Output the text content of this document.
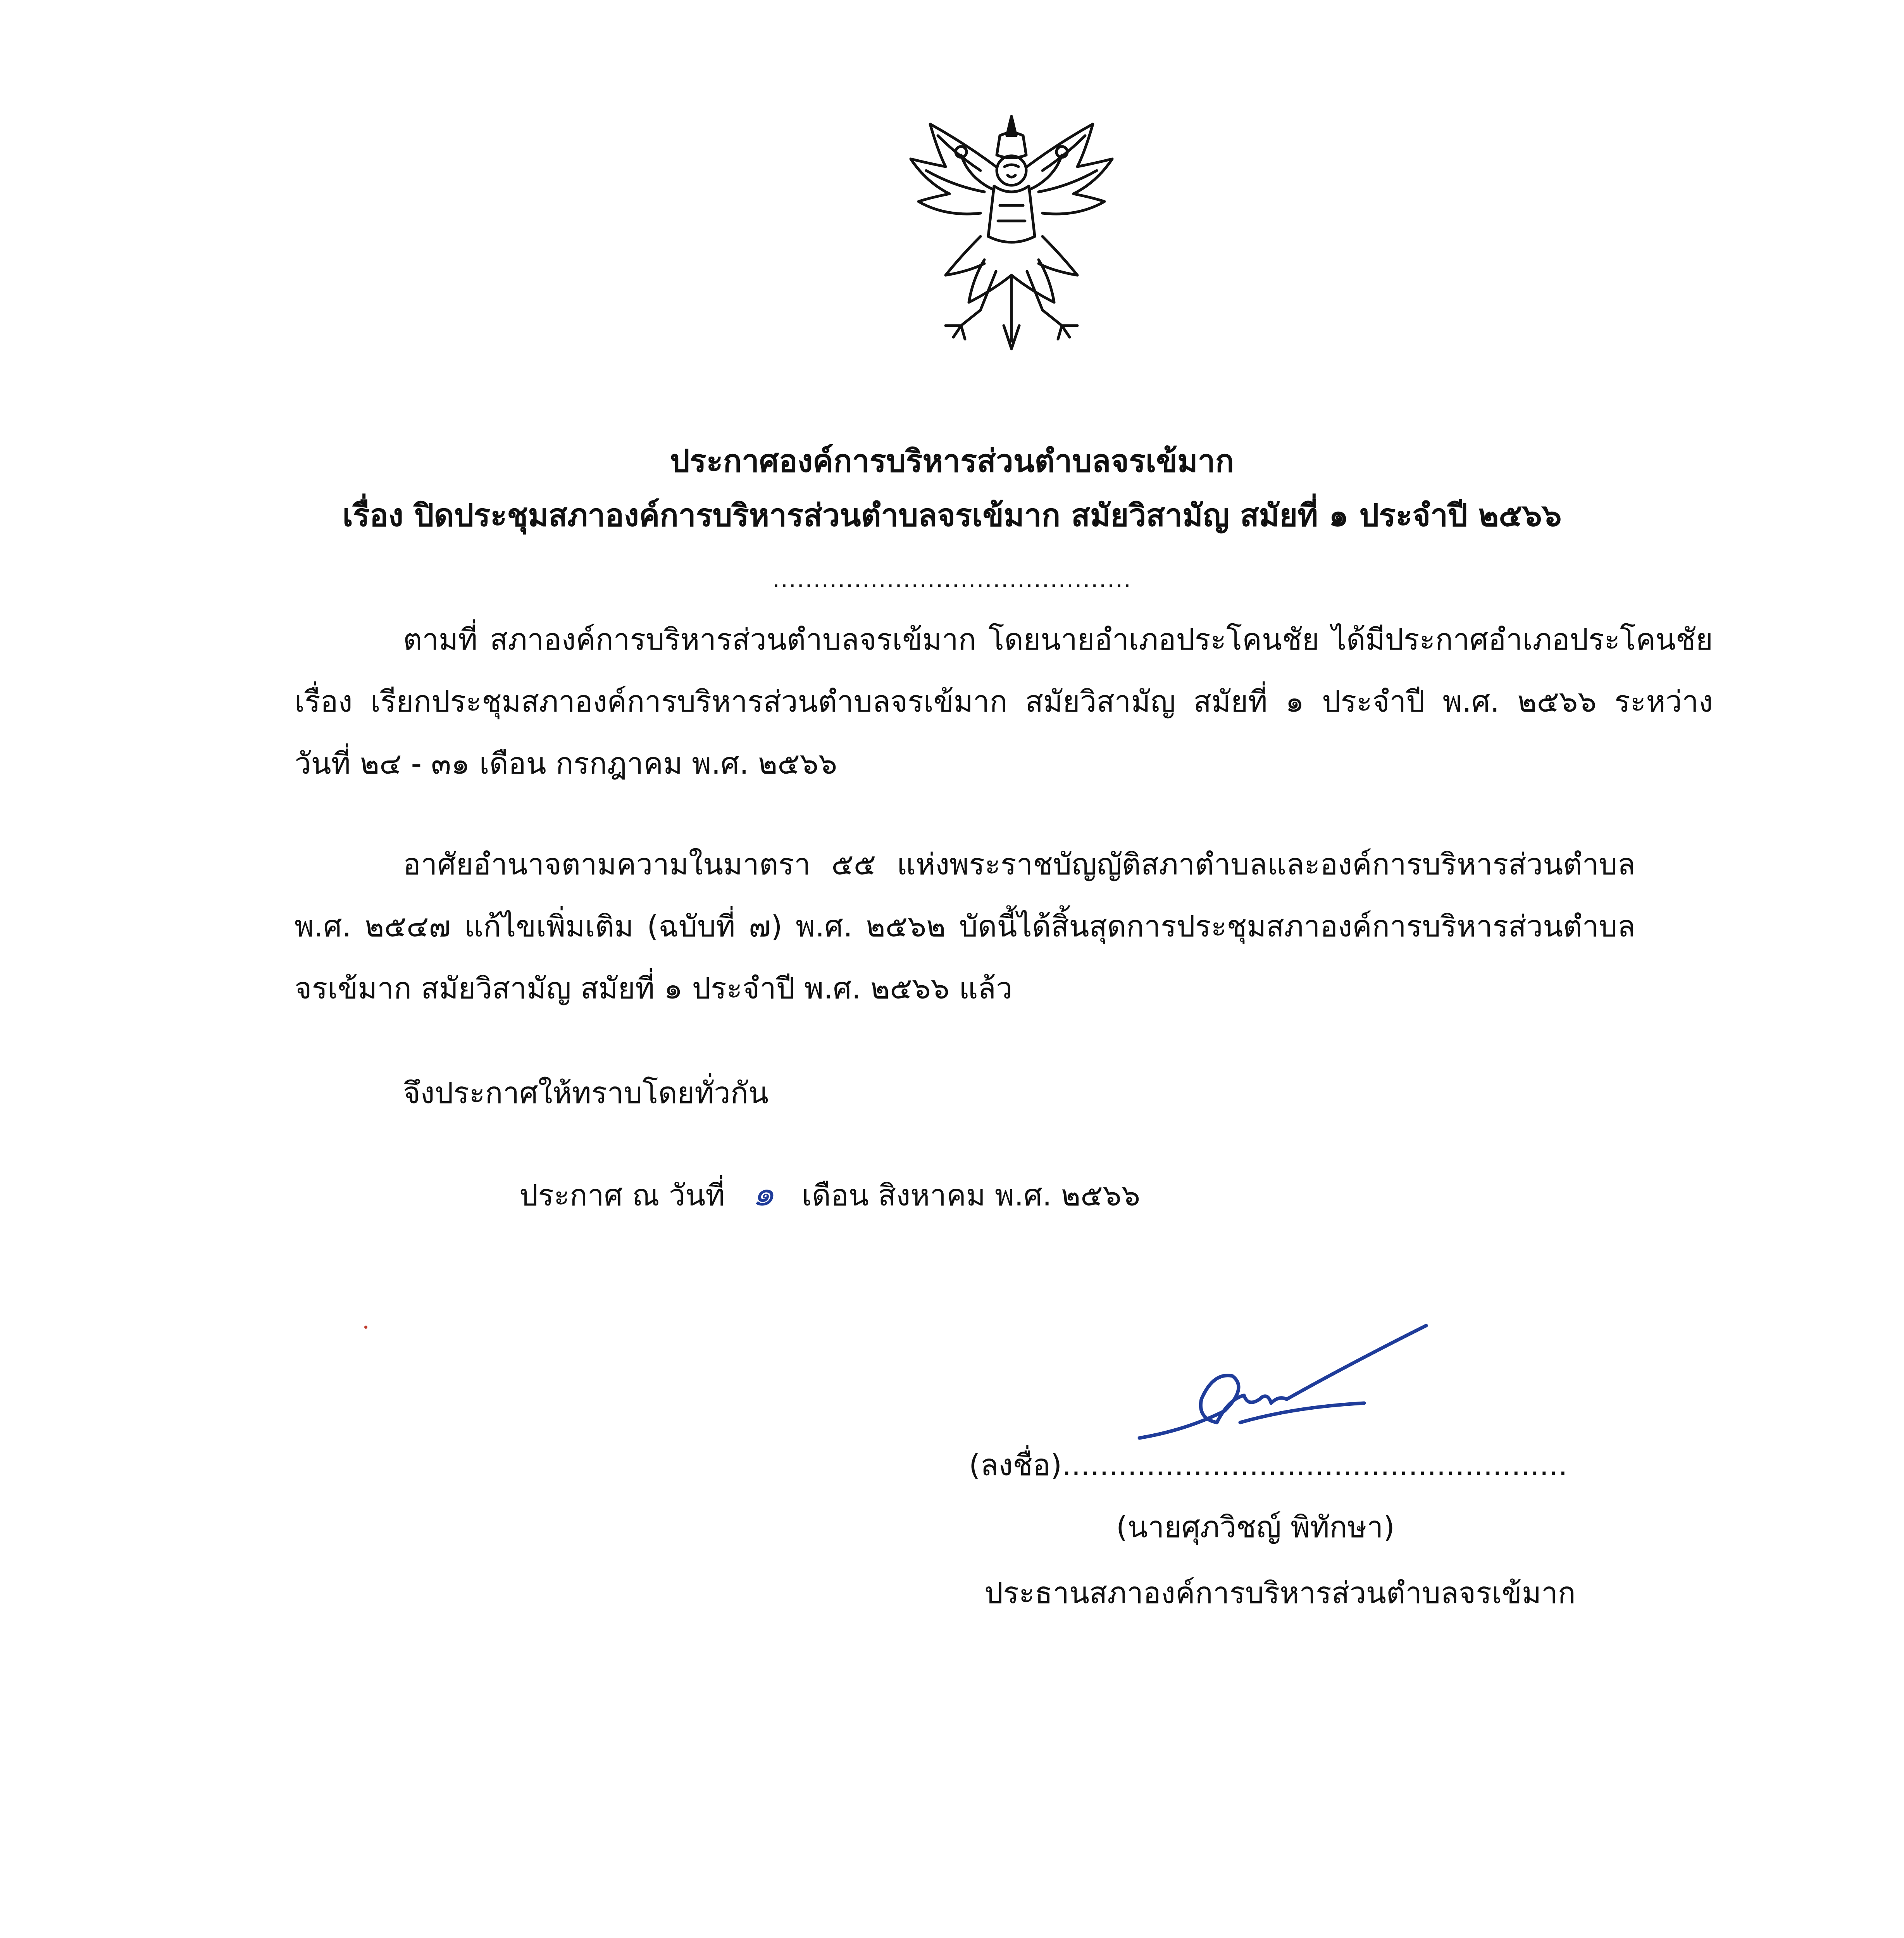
ประกาศองค์การบริหารส่วนตำบลจรเข้มาก
เรื่อง ปิดประชุมสภาองค์การบริหารส่วนตำบลจรเข้มาก สมัยวิสามัญ สมัยที่ ๑ ประจำปี ๒๕๖๖
............................................
ตามที่ สภาองค์การบริหารส่วนตำบลจรเข้มาก โดยนายอำเภอประโคนชัย ได้มีประกาศอำเภอประโคนชัย
เรื่อง เรียกประชุมสภาองค์การบริหารส่วนตำบลจรเข้มาก สมัยวิสามัญ สมัยที่ ๑ ประจำปี พ.ศ. ๒๕๖๖ ระหว่าง
วันที่ ๒๔ - ๓๑ เดือน กรกฎาคม พ.ศ. ๒๕๖๖
อาศัยอำนาจตามความในมาตรา ๕๕ แห่งพระราชบัญญัติสภาตำบลและองค์การบริหารส่วนตำบล
พ.ศ. ๒๕๔๗ แก้ไขเพิ่มเติม (ฉบับที่ ๗) พ.ศ. ๒๕๖๒ บัดนี้ได้สิ้นสุดการประชุมสภาองค์การบริหารส่วนตำบล
จรเข้มาก สมัยวิสามัญ สมัยที่ ๑ ประจำปี พ.ศ. ๒๕๖๖ แล้ว
จึงประกาศให้ทราบโดยทั่วกัน
ประกาศ ณ วันที่ ๑ เดือน สิงหาคม พ.ศ. ๒๕๖๖
(ลงชื่อ)......................................................
(นายศุภวิชญ์ พิทักษา)
ประธานสภาองค์การบริหารส่วนตำบลจรเข้มาก
